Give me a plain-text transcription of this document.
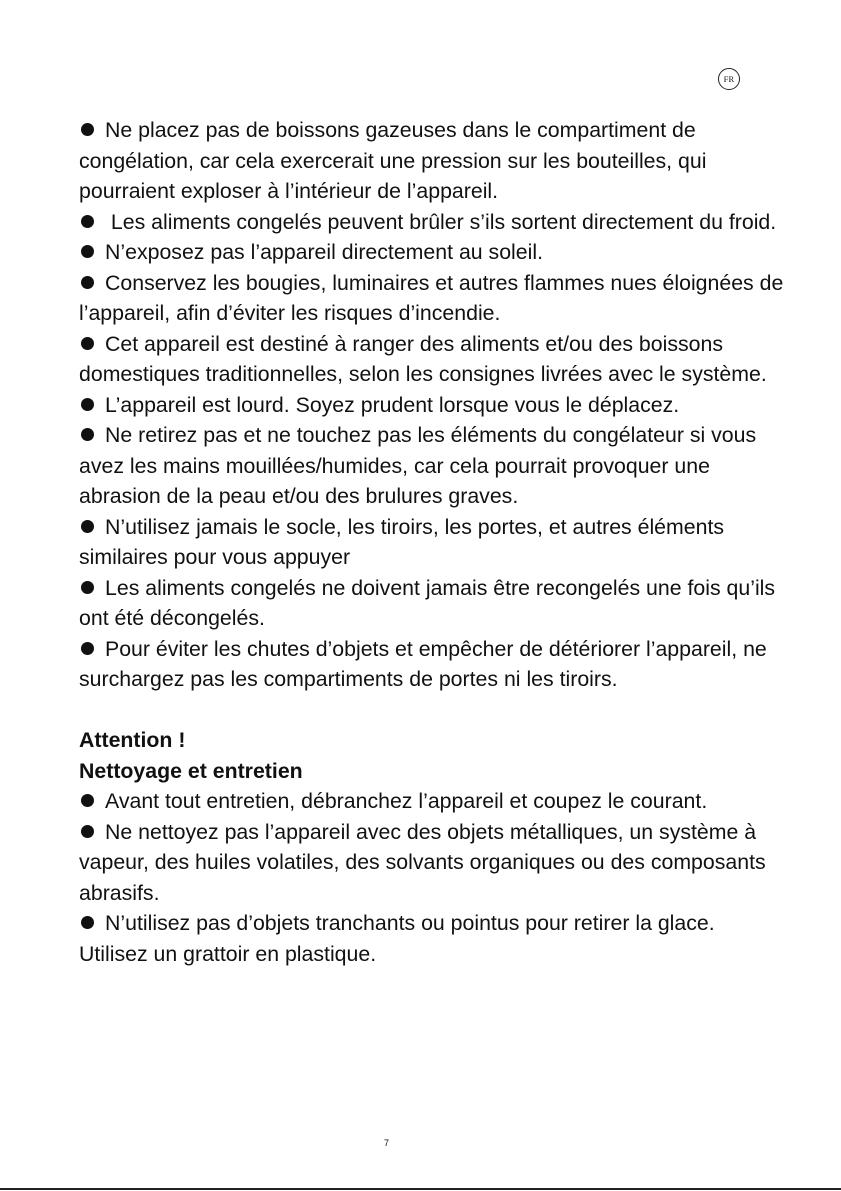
FR

Ne placez pas de boissons gazeuses dans le compartiment de congélation, car cela exercerait une pression sur les bouteilles, qui pourraient exploser à l’intérieur de l’appareil.

Les aliments congelés peuvent brûler s’ils sortent directement du froid.

N’exposez pas l’appareil directement au soleil.

Conservez les bougies, luminaires et autres flammes nues éloignées de l’appareil, afin d’éviter les risques d’incendie.

Cet appareil est destiné à ranger des aliments et/ou des boissons domestiques traditionnelles, selon les consignes livrées avec le système.

L’appareil est lourd. Soyez prudent lorsque vous le déplacez.

Ne retirez pas et ne touchez pas les éléments du congélateur si vous avez les mains mouillées/humides, car cela pourrait provoquer une abrasion de la peau et/ou des brulures graves.

N’utilisez jamais le socle, les tiroirs, les portes, et autres éléments similaires pour vous appuyer

Les aliments congelés ne doivent jamais être recongelés une fois qu’ils ont été décongelés.

Pour éviter les chutes d’objets et empêcher de détériorer l’appareil, ne surchargez pas les compartiments de portes ni les tiroirs.

Attention !

Nettoyage et entretien

Avant tout entretien, débranchez l’appareil et coupez le courant.

Ne nettoyez pas l’appareil avec des objets métalliques, un système à vapeur, des huiles volatiles, des solvants organiques ou des composants abrasifs.

N’utilisez pas d’objets tranchants ou pointus pour retirer la glace. Utilisez un grattoir en plastique.

7
